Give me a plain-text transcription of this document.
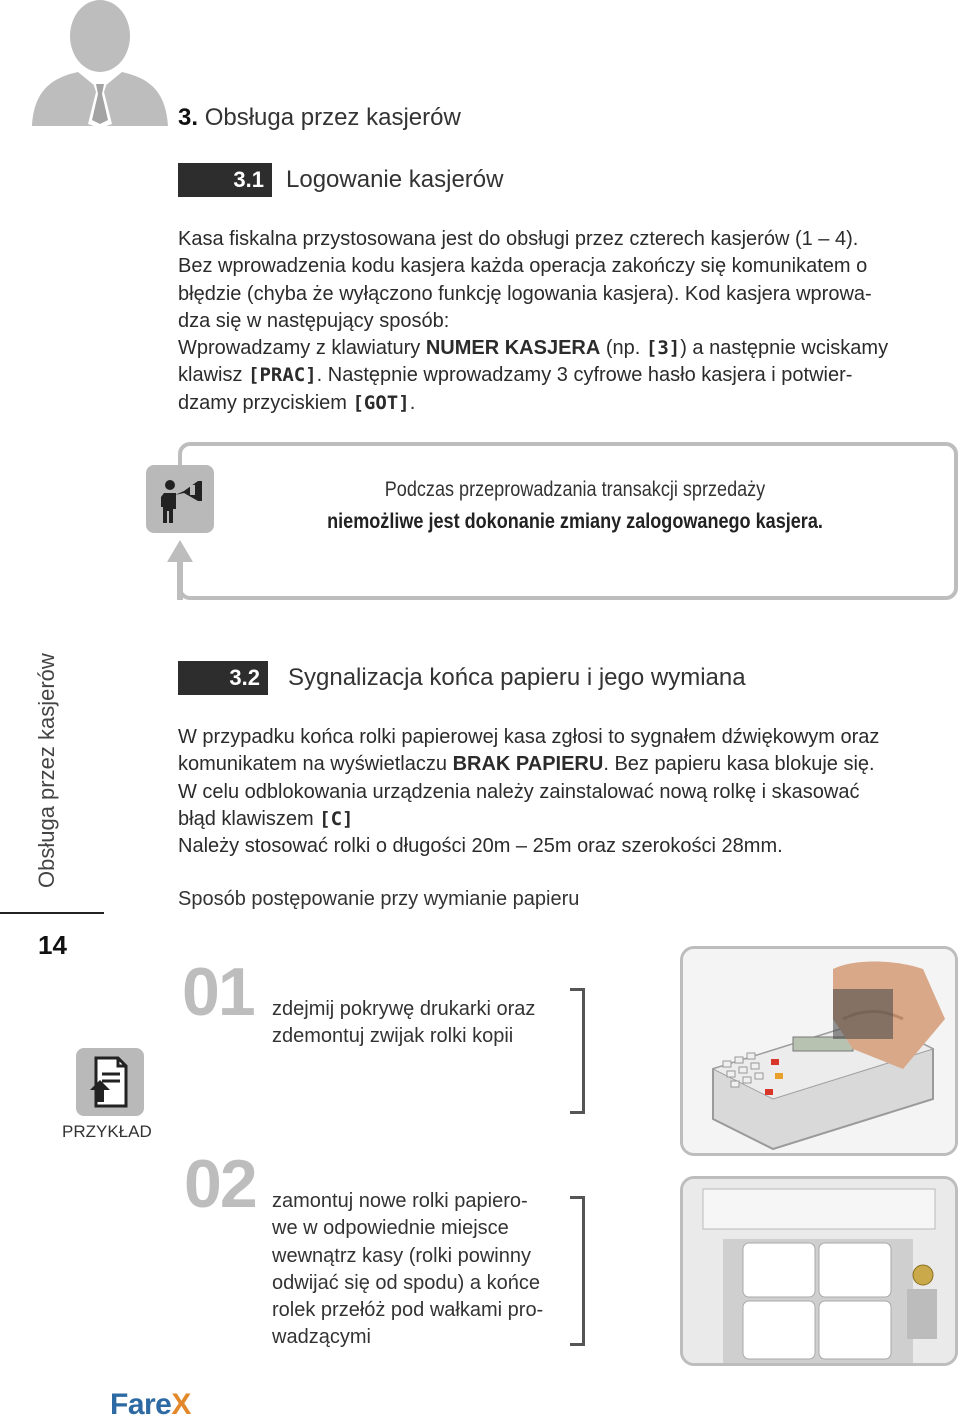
3. Obsługa przez kasjerów
3.1 Logowanie kasjerów
Kasa fiskalna przystosowana jest do obsługi przez czterech kasjerów (1 – 4).
Bez wprowadzenia kodu kasjera każda operacja zakończy się komunikatem o
błędzie (chyba że wyłączono funkcję logowania kasjera). Kod kasjera wprowa-
dza się w następujący sposób:
Wprowadzamy z klawiatury NUMER KASJERA (np. [3]) a następnie wciskamy
klawisz [PRAC]. Następnie wprowadzamy 3 cyfrowe hasło kasjera i potwier-
dzamy przyciskiem [GOT].
Podczas przeprowadzania transakcji sprzedaży
niemożliwe jest dokonanie zmiany zalogowanego kasjera.
Obsługa przez kasjerów
14
PRZYKŁAD
3.2 Sygnalizacja końca papieru i jego wymiana
W przypadku końca rolki papierowej kasa zgłosi to sygnałem dźwiękowym oraz
komunikatem na wyświetlaczu BRAK PAPIERU. Bez papieru kasa blokuje się.
W celu odblokowania urządzenia należy zainstalować nową rolkę i skasować
błąd klawiszem [C]
Należy stosować rolki o długości 20m – 25m oraz szerokości 28mm.
Sposób postępowanie przy wymianie papieru
01 zdejmij pokrywę drukarki oraz
zdemontuj zwijak rolki kopii
02 zamontuj nowe rolki papiero-
we w odpowiednie miejsce
wewnątrz kasy (rolki powinny
odwijać się od spodu) a końce
rolek przełóż pod wałkami pro-
wadzącymi
FareX
